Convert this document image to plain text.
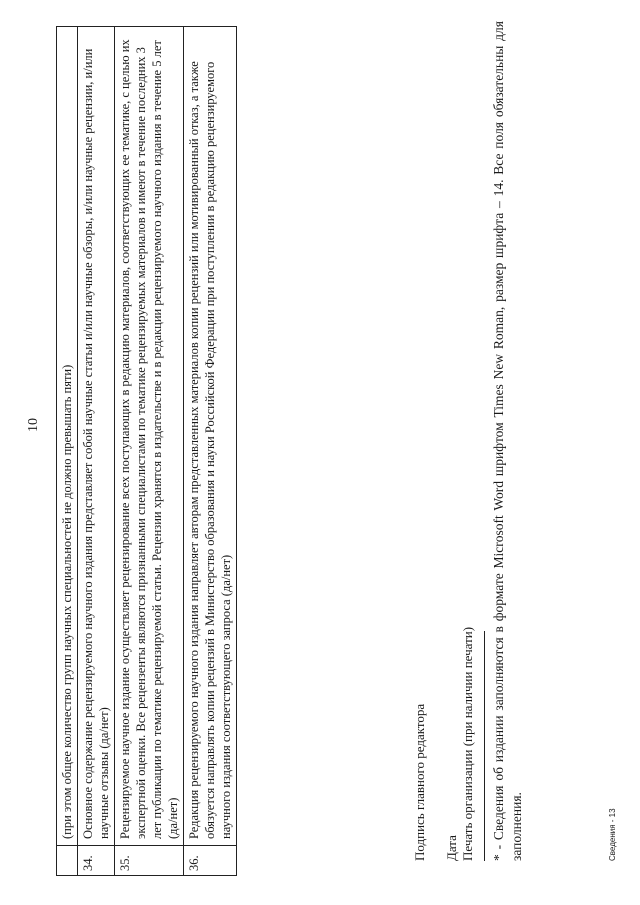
10
	(при этом общее количество групп научных специальностей не должно превышать пяти)
34.	Основное содержание рецензируемого научного издания представляет собой научные статьи и/или научные обзоры, и/или научные рецензии, и/или научные отзывы (да/нет)
35.	Рецензируемое научное издание осуществляет рецензирование всех поступающих в редакцию материалов, соответствующих ее тематике, с целью их экспертной оценки. Все рецензенты являются признанными специалистами по тематике рецензируемых материалов и имеют в течение последних 3 лет публикации по тематике рецензируемой статьи. Рецензии хранятся в издательстве и в редакции рецензируемого научного издания в течение 5 лет (да/нет)
36.	Редакция рецензируемого научного издания направляет авторам представленных материалов копии рецензий или мотивированный отказ, а также обязуется направлять копии рецензий в Министерство образования и науки Российской Федерации при поступлении в редакцию рецензируемого научного издания соответствующего запроса (да/нет)	Подпись главного редактора Дата Печать организации (при наличии печати) * - Сведения об издании заполняются в формате Microsoft Word шрифтом Times New Roman, размер шрифта – 14. Все поля обязательны для заполнения.	Сведения - 13
